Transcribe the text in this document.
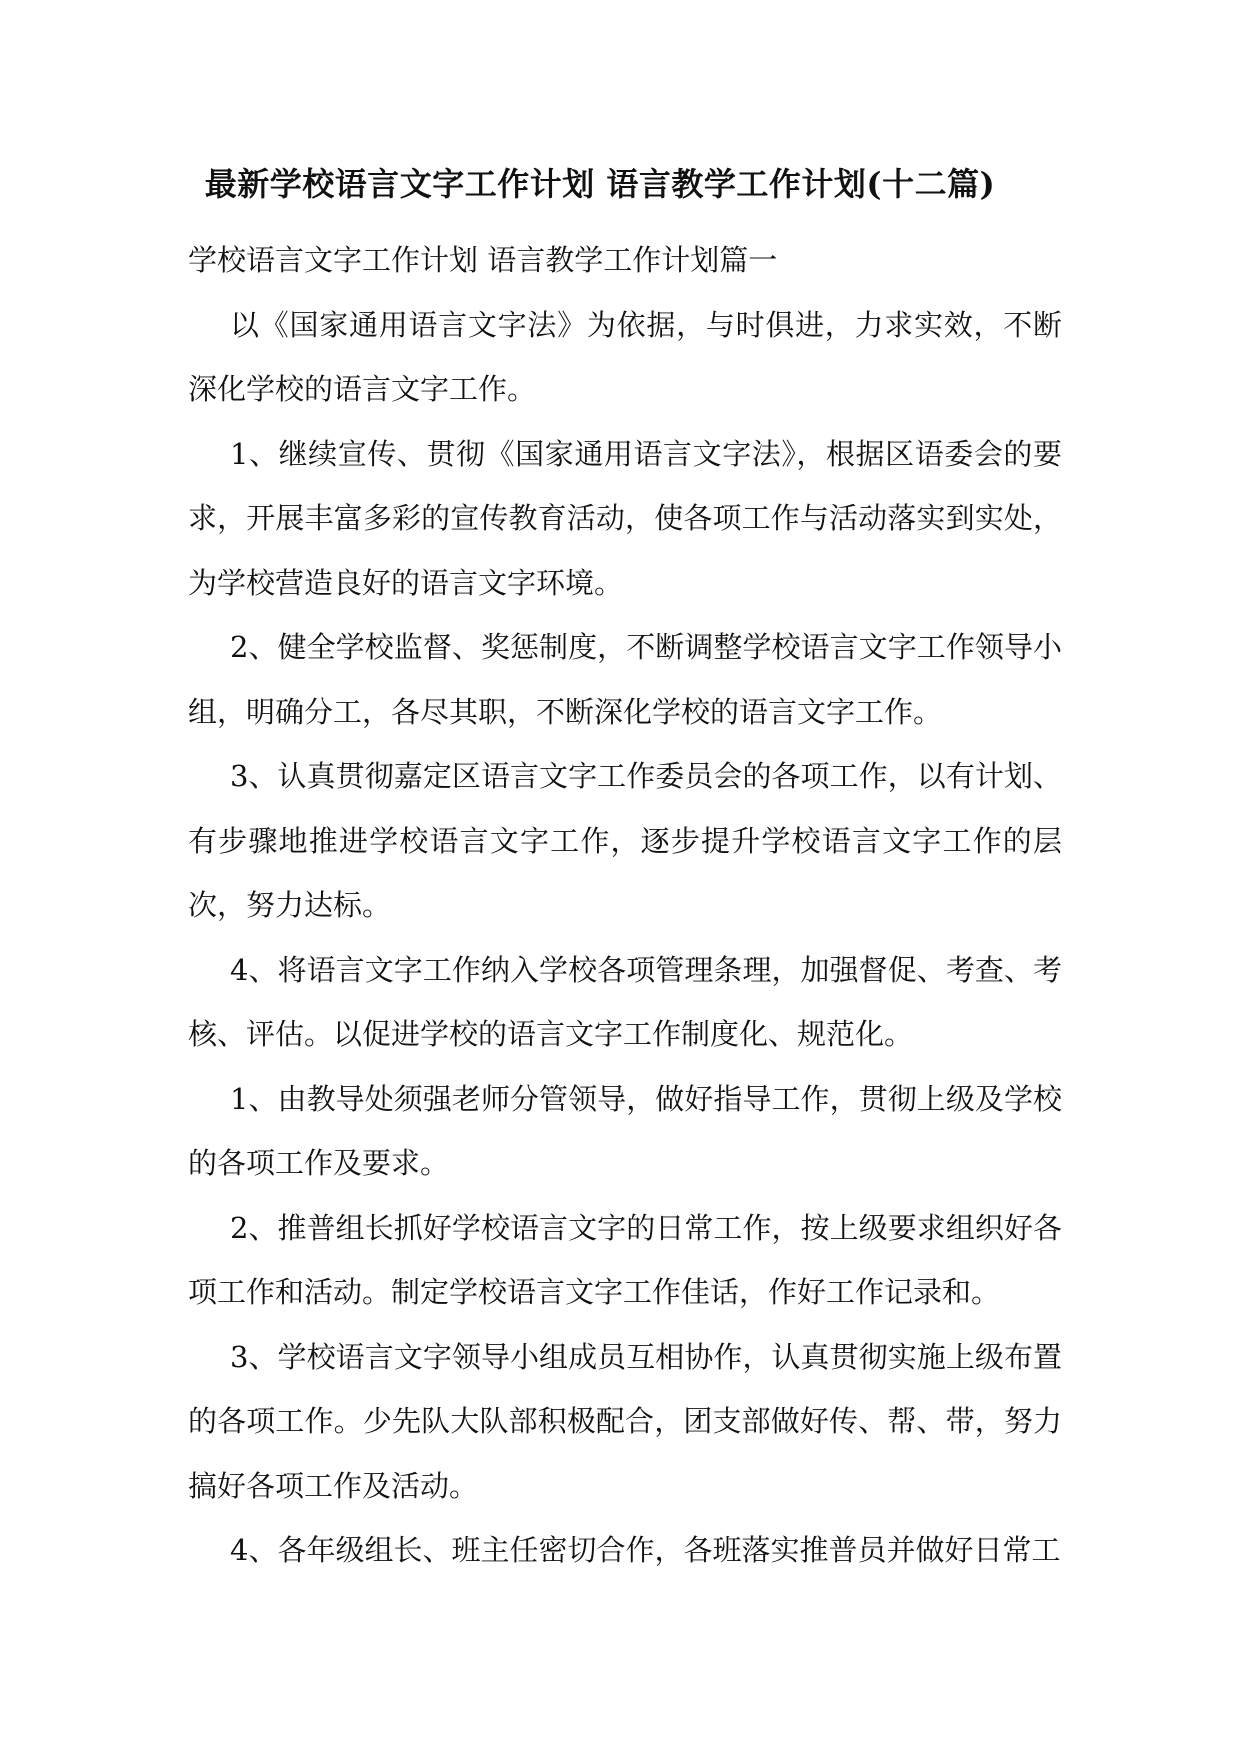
最新学校语言文字工作计划 语言教学工作计划(十二篇)

学校语言文字工作计划 语言教学工作计划篇一

以《国家通用语言文字法》为依据，与时俱进，力求实效，不断深化学校的语言文字工作。

1、继续宣传、贯彻《国家通用语言文字法》，根据区语委会的要求，开展丰富多彩的宣传教育活动，使各项工作与活动落实到实处，为学校营造良好的语言文字环境。

2、健全学校监督、奖惩制度，不断调整学校语言文字工作领导小组，明确分工，各尽其职，不断深化学校的语言文字工作。

3、认真贯彻嘉定区语言文字工作委员会的各项工作，以有计划、有步骤地推进学校语言文字工作，逐步提升学校语言文字工作的层次，努力达标。

4、将语言文字工作纳入学校各项管理条理，加强督促、考查、考核、评估。以促进学校的语言文字工作制度化、规范化。

1、由教导处须强老师分管领导，做好指导工作，贯彻上级及学校的各项工作及要求。

2、推普组长抓好学校语言文字的日常工作，按上级要求组织好各项工作和活动。制定学校语言文字工作佳话，作好工作记录和。

3、学校语言文字领导小组成员互相协作，认真贯彻实施上级布置的各项工作。少先队大队部积极配合，团支部做好传、帮、带，努力搞好各项工作及活动。

4、各年级组长、班主任密切合作，各班落实推普员并做好日常工
